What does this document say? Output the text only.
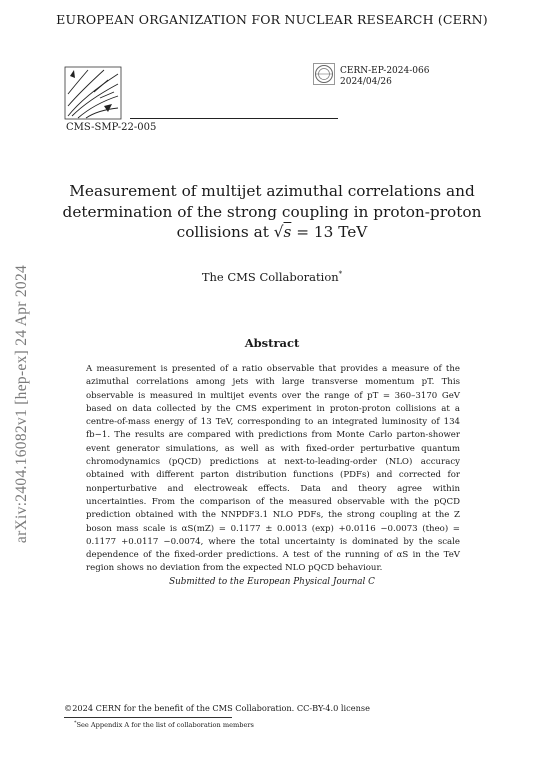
EUROPEAN ORGANIZATION FOR NUCLEAR RESEARCH (CERN)
CMS-SMP-22-005
CERN-EP-2024-066
2024/04/26
Measurement of multijet azimuthal correlations and
determination of the strong coupling in proton-proton
collisions at √s = 13 TeV
The CMS Collaboration*
Abstract
A measurement is presented of a ratio observable that provides a measure of the azimuthal correlations among jets with large transverse momentum pT. This observable is measured in multijet events over the range of pT = 360–3170 GeV based on data collected by the CMS experiment in proton-proton collisions at a centre-of-mass energy of 13 TeV, corresponding to an integrated luminosity of 134 fb−1. The results are compared with predictions from Monte Carlo parton-shower event generator simulations, as well as with fixed-order perturbative quantum chromodynamics (pQCD) predictions at next-to-leading-order (NLO) accuracy obtained with different parton distribution functions (PDFs) and corrected for nonperturbative and electroweak effects. Data and theory agree within uncertainties. From the comparison of the measured observable with the pQCD prediction obtained with the NNPDF3.1 NLO PDFs, the strong coupling at the Z boson mass scale is αS(mZ) = 0.1177 ± 0.0013 (exp) +0.0116 −0.0073 (theo) = 0.1177 +0.0117 −0.0074, where the total uncertainty is dominated by the scale dependence of the fixed-order predictions. A test of the running of αS in the TeV region shows no deviation from the expected NLO pQCD behaviour.
Submitted to the European Physical Journal C
arXiv:2404.16082v1 [hep-ex] 24 Apr 2024
©2024 CERN for the benefit of the CMS Collaboration. CC-BY-4.0 license
*See Appendix A for the list of collaboration members
